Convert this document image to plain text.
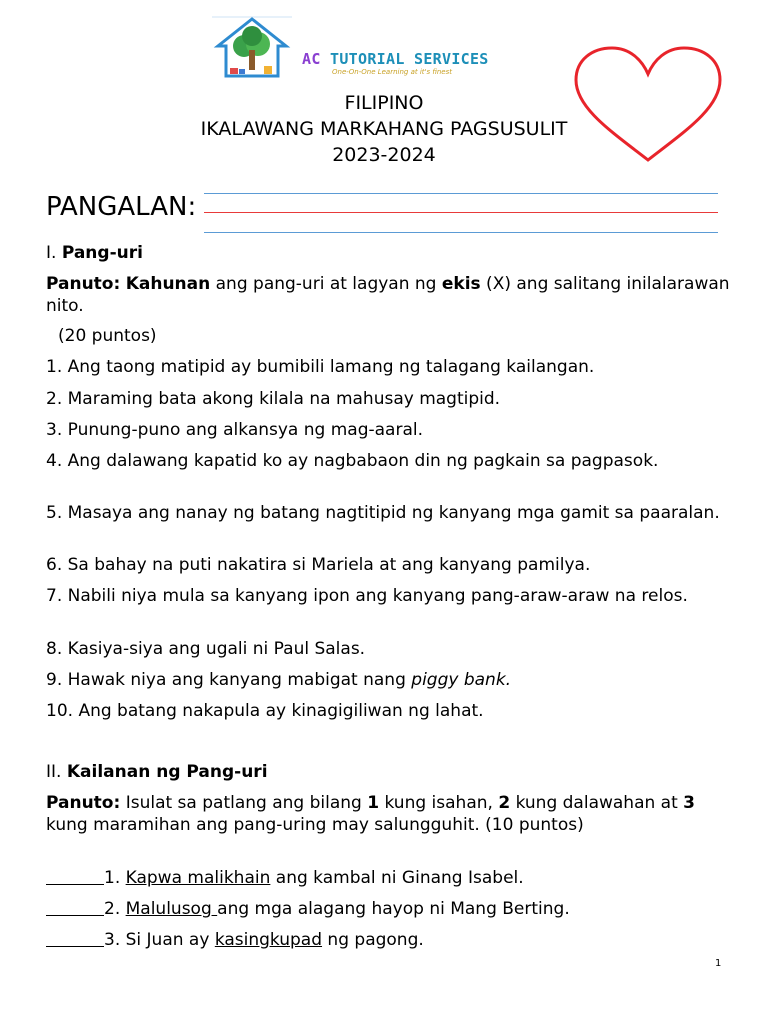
AC TUTORIAL SERVICES
One-On-One Learning at it's finest
FILIPINO
IKALAWANG MARKAHANG PAGSUSULIT
2023-2024
PANGALAN:
I. Pang-uri
Panuto: Kahunan ang pang-uri at lagyan ng ekis (X) ang salitang inilalarawan nito.
(20 puntos)
1. Ang taong matipid ay bumibili lamang ng talagang kailangan.
2. Maraming bata akong kilala na mahusay magtipid.
3. Punung-puno ang alkansya ng mag-aaral.
4. Ang dalawang kapatid ko ay nagbabaon din ng pagkain sa pagpasok.
5. Masaya ang nanay ng batang nagtitipid ng kanyang mga gamit sa paaralan.
6. Sa bahay na puti nakatira si Mariela at ang kanyang pamilya.
7. Nabili niya mula sa kanyang ipon ang kanyang pang-araw-araw na relos.
8. Kasiya-siya ang ugali ni Paul Salas.
9. Hawak niya ang kanyang mabigat nang piggy bank.
10. Ang batang nakapula ay kinagigiliwan ng lahat.
II. Kailanan ng Pang-uri
Panuto: Isulat sa patlang ang bilang 1 kung isahan, 2 kung dalawahan at 3 kung maramihan ang pang-uring may salungguhit. (10 puntos)
1. Kapwa malikhain ang kambal ni Ginang Isabel.
2. Malulusog ang mga alagang hayop ni Mang Berting.
3. Si Juan ay kasingkupad ng pagong.
1
